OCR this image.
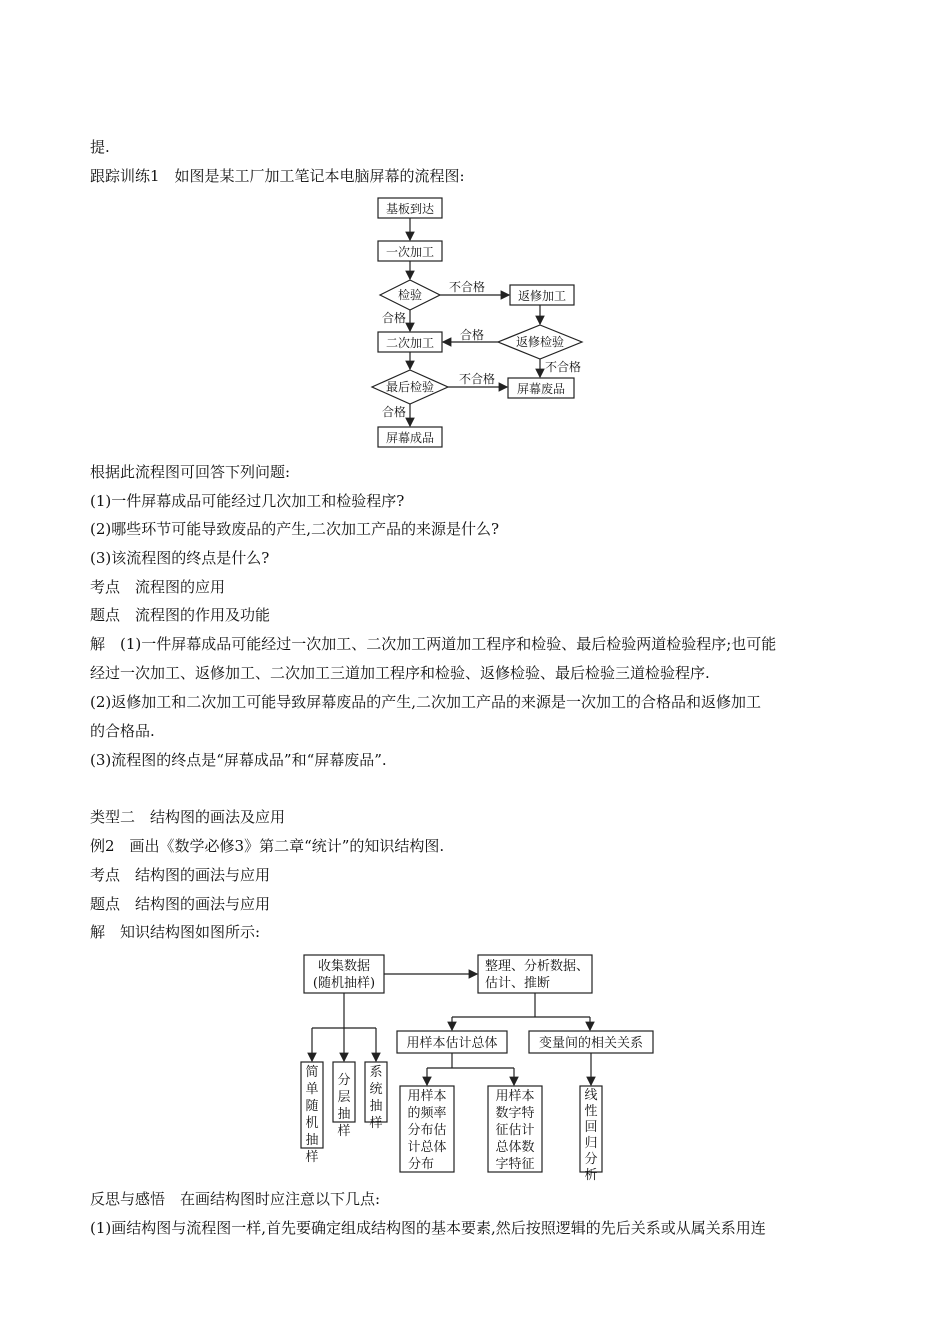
提.
跟踪训练1　如图是某工厂加工笔记本电脑屏幕的流程图:
基板到达
一次加工
检验	返修加工
返修检验
二次加工
最后检验	屏幕废品
屏幕成品
不合格
合格
合格
不合格
不合格
合格
根据此流程图可回答下列问题:
(1)一件屏幕成品可能经过几次加工和检验程序?
(2)哪些环节可能导致废品的产生,二次加工产品的来源是什么?
(3)该流程图的终点是什么?
考点　流程图的应用
题点　流程图的作用及功能
解　(1)一件屏幕成品可能经过一次加工、二次加工两道加工程序和检验、最后检验两道检验程序;也可能
经过一次加工、返修加工、二次加工三道加工程序和检验、返修检验、最后检验三道检验程序.
(2)返修加工和二次加工可能导致屏幕废品的产生,二次加工产品的来源是一次加工的合格品和返修加工
的合格品.
(3)流程图的终点是“屏幕成品”和“屏幕废品”.
类型二　结构图的画法及应用
例2　画出《数学必修3》第二章“统计”的知识结构图.
考点　结构图的画法与应用
题点　结构图的画法与应用
解　知识结构图如图所示:
收集数据
(随机抽样)
整理、分析数据、
估计、推断
用样本估计总体	变量间的相关关系
用样本
的频率
分布估
计总体
分布
用样本
数字特
征估计
总体数
字特征
简单随机抽样
分层抽样
系统抽样
线性回归分析
反思与感悟　在画结构图时应注意以下几点:
(1)画结构图与流程图一样,首先要确定组成结构图的基本要素,然后按照逻辑的先后关系或从属关系用连
